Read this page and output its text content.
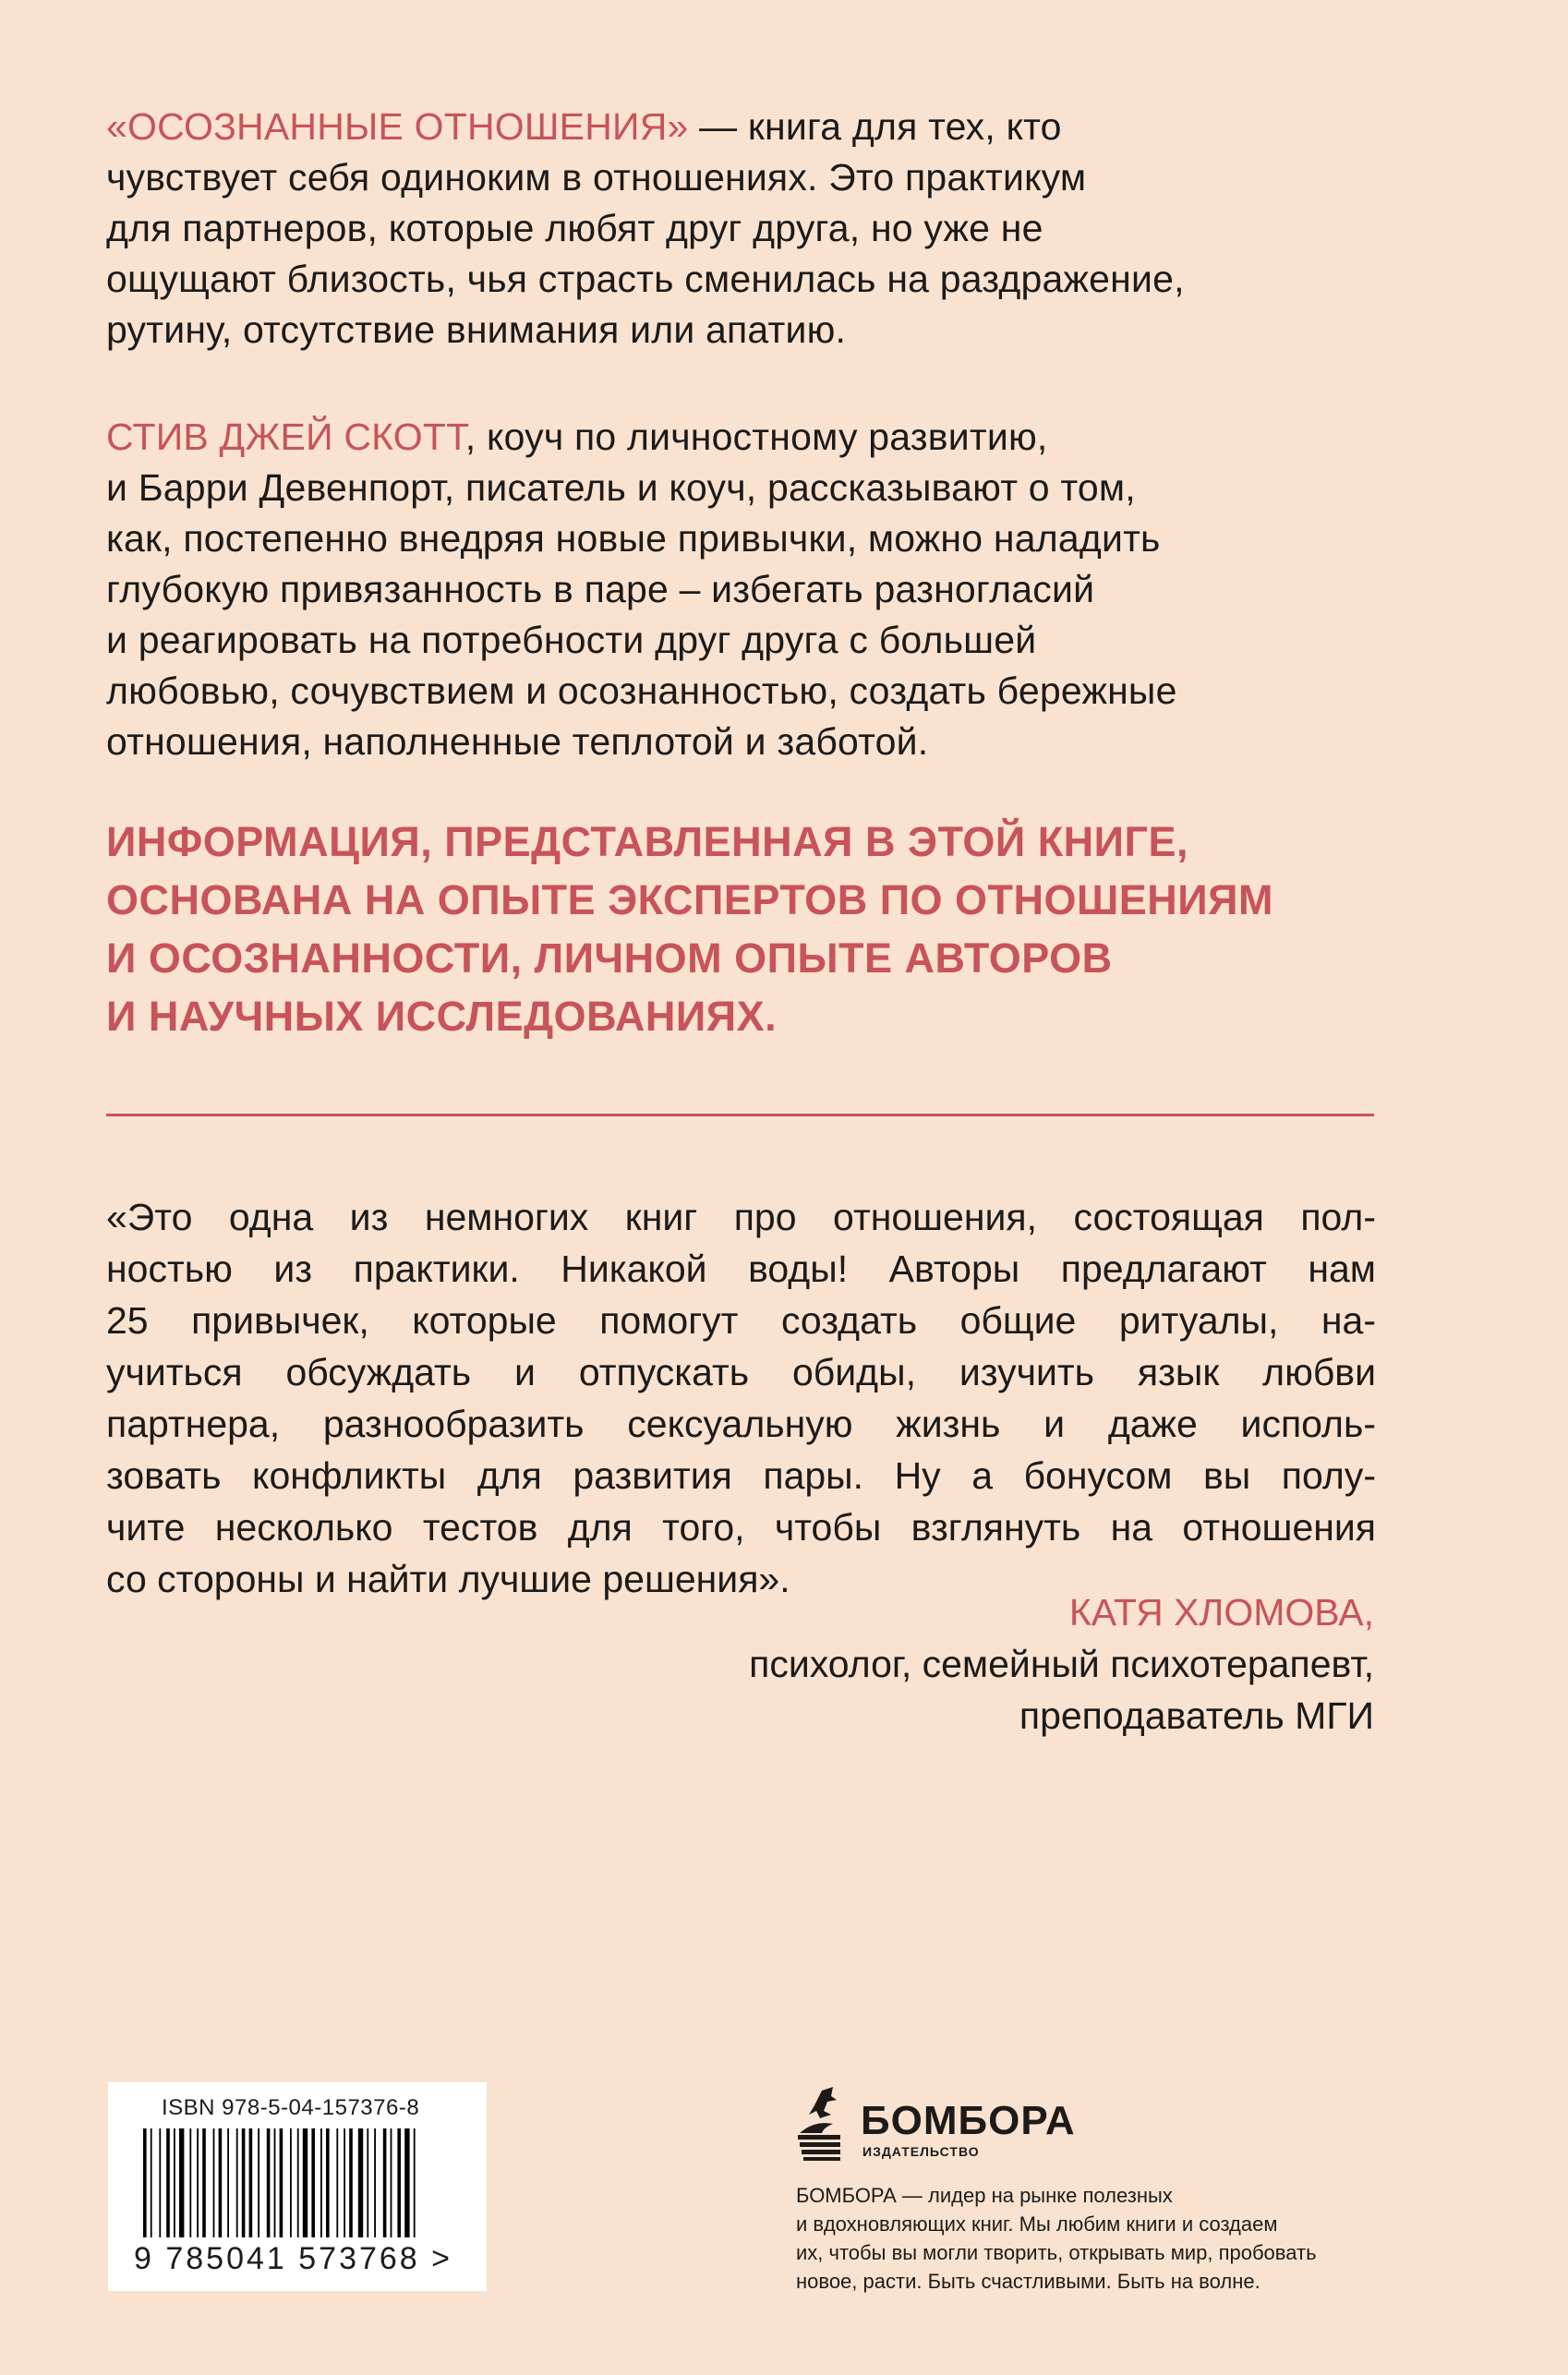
«ОСОЗНАННЫЕ ОТНОШЕНИЯ» — книга для тех, кто
чувствует себя одиноким в отношениях. Это практикум
для партнеров, которые любят друг друга, но уже не
ощущают близость, чья страсть сменилась на раздражение,
рутину, отсутствие внимания или апатию.
СТИВ ДЖЕЙ СКОТТ, коуч по личностному развитию,
и Барри Девенпорт, писатель и коуч, рассказывают о том,
как, постепенно внедряя новые привычки, можно наладить
глубокую привязанность в паре – избегать разногласий
и реагировать на потребности друг друга с большей
любовью, сочувствием и осознанностью, создать бережные
отношения, наполненные теплотой и заботой.
ИНФОРМАЦИЯ, ПРЕДСТАВЛЕННАЯ В ЭТОЙ КНИГЕ,
ОСНОВАНА НА ОПЫТЕ ЭКСПЕРТОВ ПО ОТНОШЕНИЯМ
И ОСОЗНАННОСТИ, ЛИЧНОМ ОПЫТЕ АВТОРОВ
И НАУЧНЫХ ИССЛЕДОВАНИЯХ.
«Это одна из немногих книг про отношения, состоящая пол-
ностью из практики. Никакой воды! Авторы предлагают нам
25 привычек, которые помогут создать общие ритуалы, на-
учиться обсуждать и отпускать обиды, изучить язык любви
партнера, разнообразить сексуальную жизнь и даже исполь-
зовать конфликты для развития пары. Ну а бонусом вы полу-
чите несколько тестов для того, чтобы взглянуть на отношения
со стороны и найти лучшие решения».
КАТЯ ХЛОМОВА,
психолог, семейный психотерапевт,
преподаватель МГИ
ISBN 978-5-04-157376-8
9 785041 573768 >
БОМБОРА
ИЗДАТЕЛЬСТВО
БОМБОРА — лидер на рынке полезных
и вдохновляющих книг. Мы любим книги и создаем
их, чтобы вы могли творить, открывать мир, пробовать
новое, расти. Быть счастливыми. Быть на волне.
